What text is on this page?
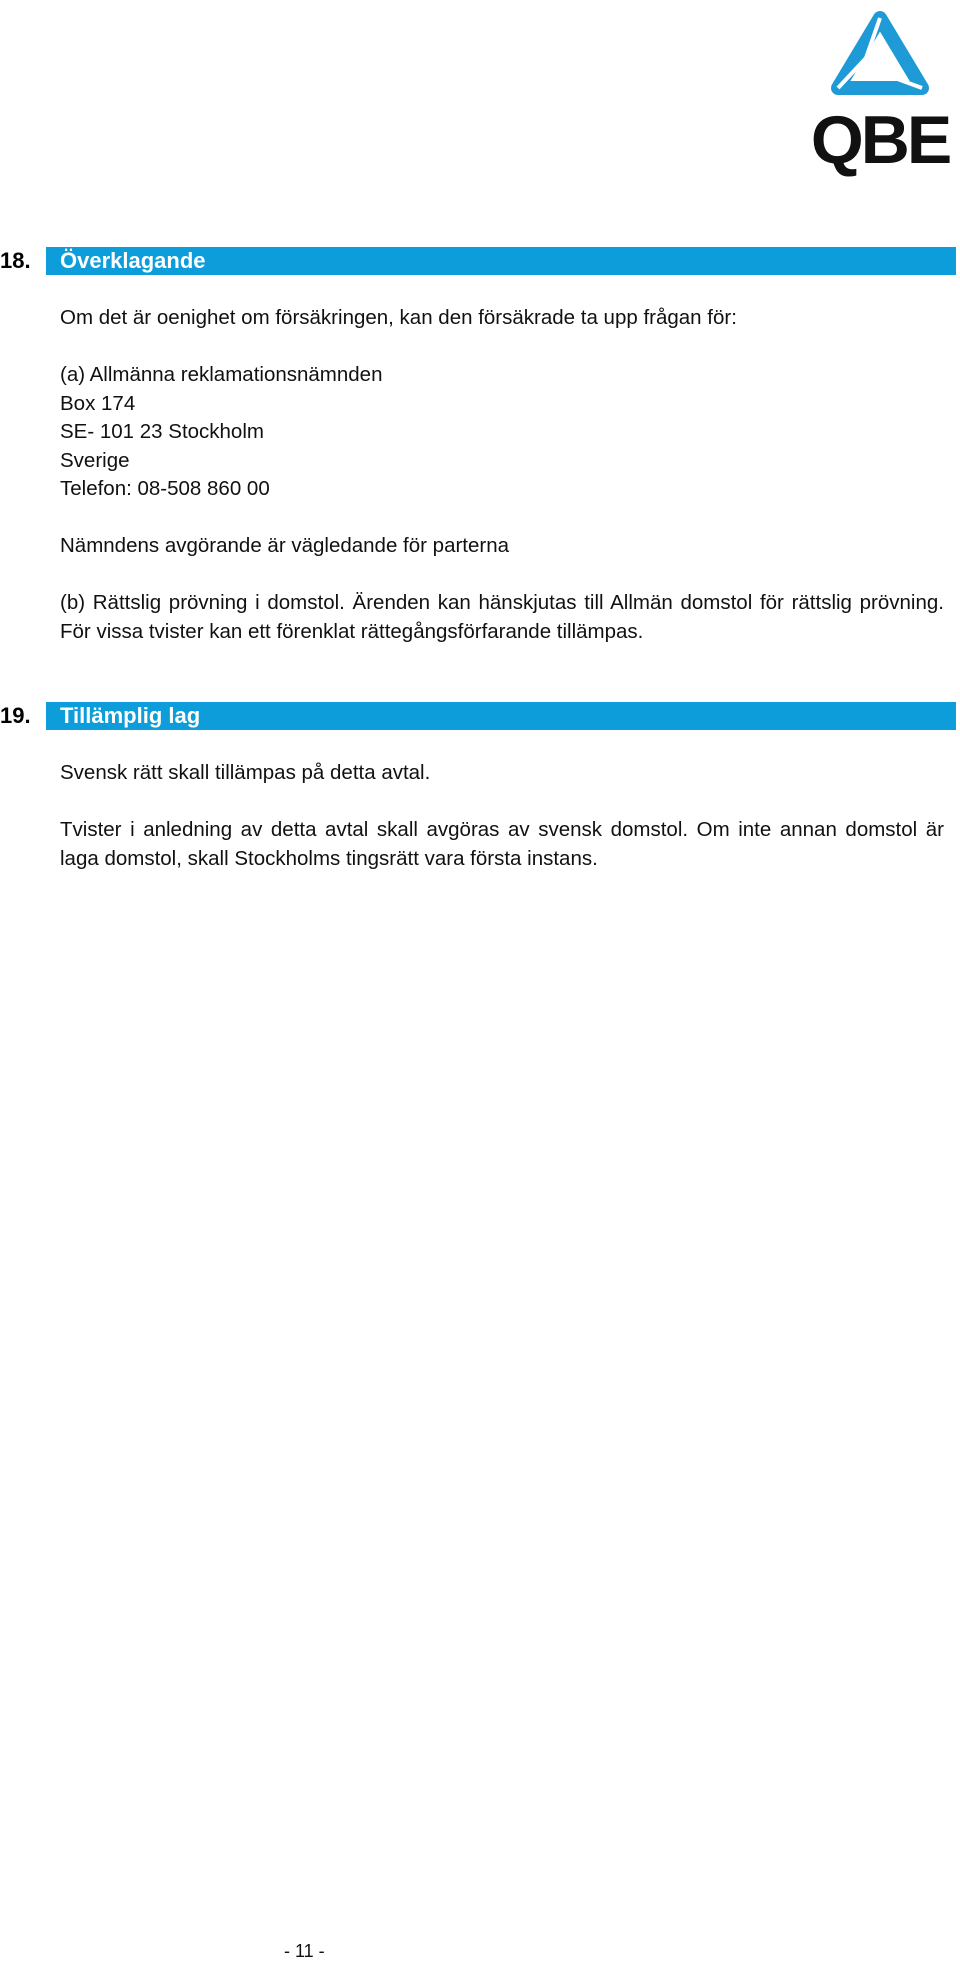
QBE
18. Överklagande

Om det är oenighet om försäkringen, kan den försäkrade ta upp frågan för:

(a) Allmänna reklamationsnämnden
Box 174
SE- 101 23 Stockholm
Sverige
Telefon: 08-508 860 00

Nämndens avgörande är vägledande för parterna

(b) Rättslig prövning i domstol. Ärenden kan hänskjutas till Allmän domstol för rättslig prövning. För vissa tvister kan ett förenklat rättegångsförfarande tillämpas.

19. Tillämplig lag

Svensk rätt skall tillämpas på detta avtal.

Tvister i anledning av detta avtal skall avgöras av svensk domstol. Om inte annan domstol är laga domstol, skall Stockholms tingsrätt vara första instans.

- 11 -
